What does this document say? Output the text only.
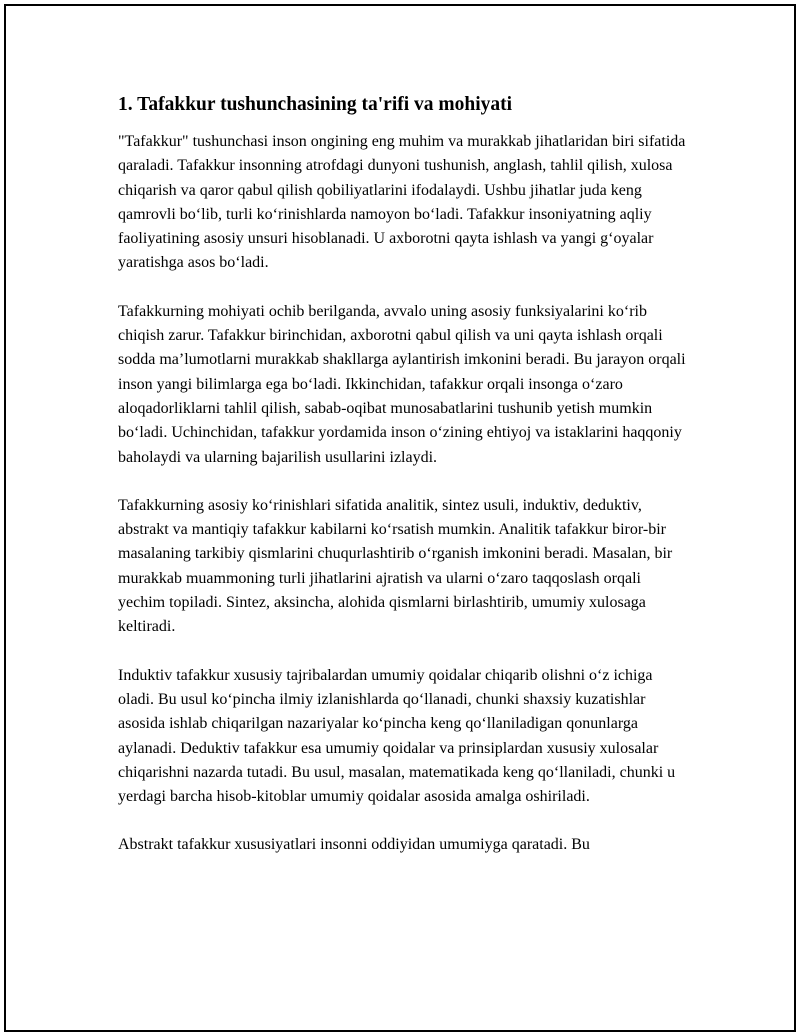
1. Tafakkur tushunchasining ta'rifi va mohiyati

"Tafakkur" tushunchasi inson ongining eng muhim va murakkab jihatlaridan biri sifatida qaraladi. Tafakkur insonning atrofdagi dunyoni tushunish, anglash, tahlil qilish, xulosa chiqarish va qaror qabul qilish qobiliyatlarini ifodalaydi. Ushbu jihatlar juda keng qamrovli bo‘lib, turli ko‘rinishlarda namoyon bo‘ladi. Tafakkur insoniyatning aqliy faoliyatining asosiy unsuri hisoblanadi. U axborotni qayta ishlash va yangi g‘oyalar yaratishga asos bo‘ladi.

Tafakkurning mohiyati ochib berilganda, avvalo uning asosiy funksiyalarini ko‘rib chiqish zarur. Tafakkur birinchidan, axborotni qabul qilish va uni qayta ishlash orqali sodda ma’lumotlarni murakkab shakllarga aylantirish imkonini beradi. Bu jarayon orqali inson yangi bilimlarga ega bo‘ladi. Ikkinchidan, tafakkur orqali insonga o‘zaro aloqadorliklarni tahlil qilish, sabab-oqibat munosabatlarini tushunib yetish mumkin bo‘ladi. Uchinchidan, tafakkur yordamida inson o‘zining ehtiyoj va istaklarini haqqoniy baholaydi va ularning bajarilish usullarini izlaydi.

Tafakkurning asosiy ko‘rinishlari sifatida analitik, sintez usuli, induktiv, deduktiv, abstrakt va mantiqiy tafakkur kabilarni ko‘rsatish mumkin. Analitik tafakkur biror-bir masalaning tarkibiy qismlarini chuqurlashtirib o‘rganish imkonini beradi. Masalan, bir murakkab muammoning turli jihatlarini ajratish va ularni o‘zaro taqqoslash orqali yechim topiladi. Sintez, aksincha, alohida qismlarni birlashtirib, umumiy xulosaga keltiradi.

Induktiv tafakkur xususiy tajribalardan umumiy qoidalar chiqarib olishni o‘z ichiga oladi. Bu usul ko‘pincha ilmiy izlanishlarda qo‘llanadi, chunki shaxsiy kuzatishlar asosida ishlab chiqarilgan nazariyalar ko‘pincha keng qo‘llaniladigan qonunlarga aylanadi. Deduktiv tafakkur esa umumiy qoidalar va prinsiplardan xususiy xulosalar chiqarishni nazarda tutadi. Bu usul, masalan, matematikada keng qo‘llaniladi, chunki u yerdagi barcha hisob-kitoblar umumiy qoidalar asosida amalga oshiriladi.

Abstrakt tafakkur xususiyatlari insonni oddiyidan umumiyga qaratadi. Bu
